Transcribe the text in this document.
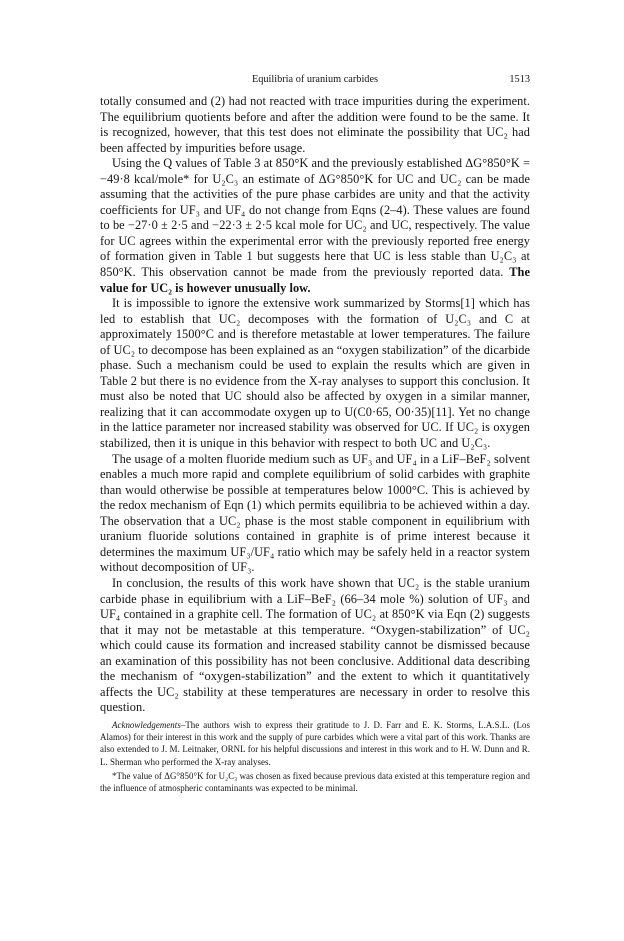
Equilibria of uranium carbides	1513

totally consumed and (2) had not reacted with trace impurities during the experiment. The equilibrium quotients before and after the addition were found to be the same. It is recognized, however, that this test does not eliminate the possibility that UC₂ had been affected by impurities before usage.

Using the Q values of Table 3 at 850°K and the previously established ΔG°850°K = −49·8 kcal/mole* for U₂C₃ an estimate of ΔG°850°K for UC and UC₂ can be made assuming that the activities of the pure phase carbides are unity and that the activity coefficients for UF₃ and UF₄ do not change from Eqns (2–4). These values are found to be −27·0 ± 2·5 and −22·3 ± 2·5 kcal mole for UC₂ and UC, respectively. The value for UC agrees within the experimental error with the previously reported free energy of formation given in Table 1 but suggests here that UC is less stable than U₂C₃ at 850°K. This observation cannot be made from the previously reported data. The value for UC₂ is however unusually low.

It is impossible to ignore the extensive work summarized by Storms[1] which has led to establish that UC₂ decomposes with the formation of U₂C₃ and C at approximately 1500°C and is therefore metastable at lower temperatures. The failure of UC₂ to decompose has been explained as an “oxygen stabilization” of the dicarbide phase. Such a mechanism could be used to explain the results which are given in Table 2 but there is no evidence from the X-ray analyses to support this conclusion. It must also be noted that UC should also be affected by oxygen in a similar manner, realizing that it can accommodate oxygen up to U(C0·65, O0·35)[11]. Yet no change in the lattice parameter nor increased stability was observed for UC. If UC₂ is oxygen stabilized, then it is unique in this behavior with respect to both UC and U₂C₃.

The usage of a molten fluoride medium such as UF₃ and UF₄ in a LiF–BeF₂ solvent enables a much more rapid and complete equilibrium of solid carbides with graphite than would otherwise be possible at temperatures below 1000°C. This is achieved by the redox mechanism of Eqn (1) which permits equilibria to be achieved within a day. The observation that a UC₂ phase is the most stable component in equilibrium with uranium fluoride solutions contained in graphite is of prime interest because it determines the maximum UF₃/UF₄ ratio which may be safely held in a reactor system without decomposition of UF₃.

In conclusion, the results of this work have shown that UC₂ is the stable uranium carbide phase in equilibrium with a LiF–BeF₂ (66–34 mole %) solution of UF₃ and UF₄ contained in a graphite cell. The formation of UC₂ at 850°K via Eqn (2) suggests that it may not be metastable at this temperature. “Oxygen-stabilization” of UC₂ which could cause its formation and increased stability cannot be dismissed because an examination of this possibility has not been conclusive. Additional data describing the mechanism of “oxygen-stabilization” and the extent to which it quantitatively affects the UC₂ stability at these temperatures are necessary in order to resolve this question.

Acknowledgements–The authors wish to express their gratitude to J. D. Farr and E. K. Storms, L.A.S.L. (Los Alamos) for their interest in this work and the supply of pure carbides which were a vital part of this work. Thanks are also extended to J. M. Leitnaker, ORNL for his helpful discussions and interest in this work and to H. W. Dunn and R. L. Sherman who performed the X-ray analyses.

*The value of ΔG°850°K for U₂C₃ was chosen as fixed because previous data existed at this temperature region and the influence of atmospheric contaminants was expected to be minimal.
